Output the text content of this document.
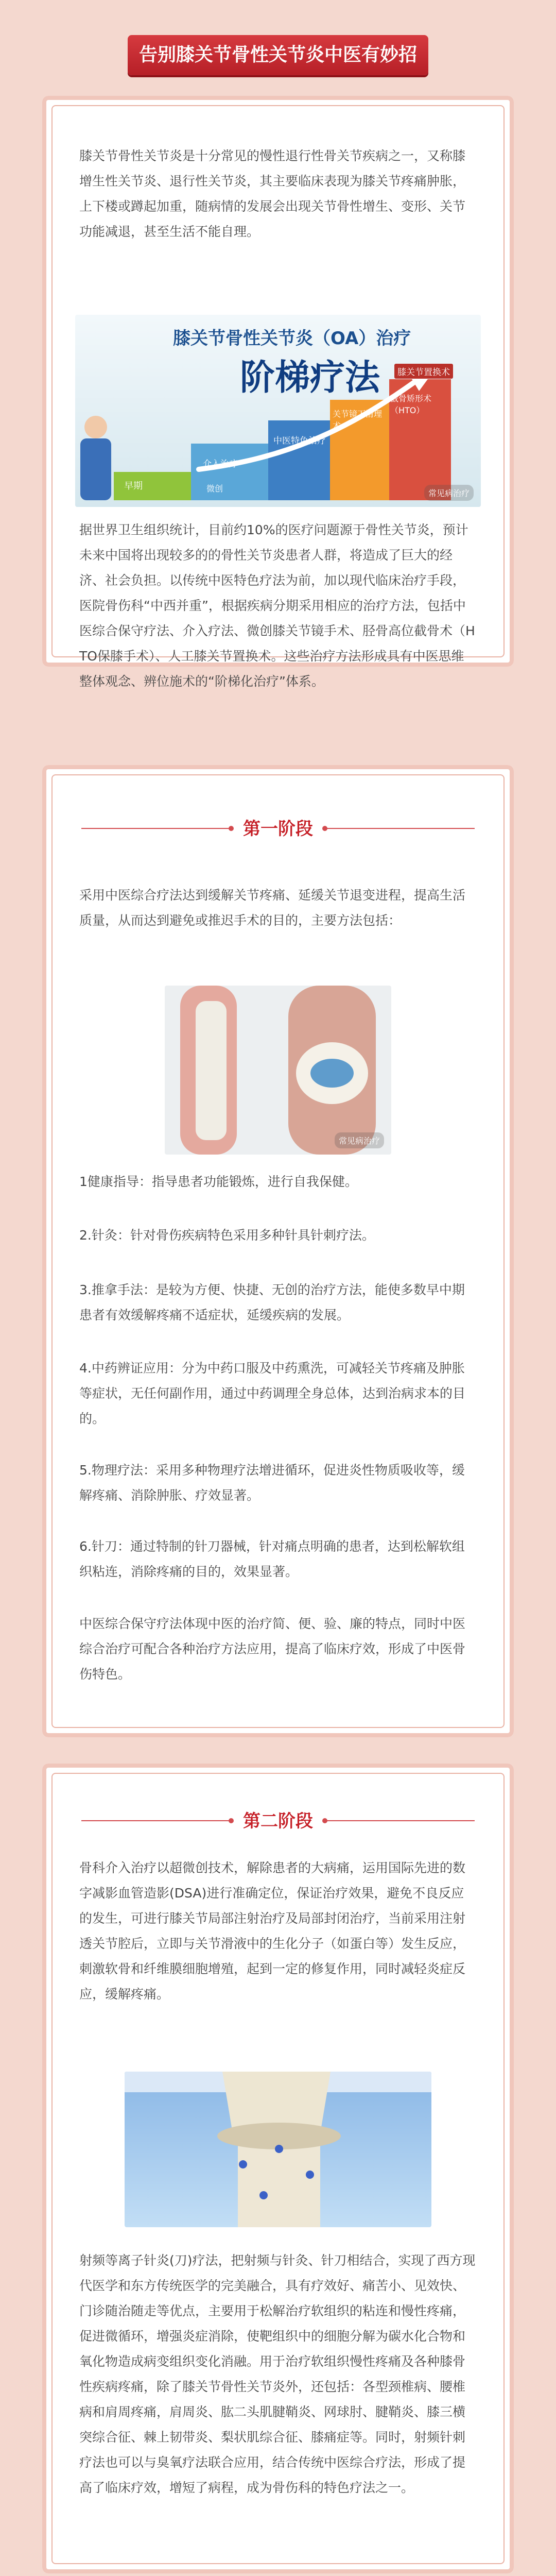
告别膝关节骨性关节炎中医有妙招
膝关节骨性关节炎是十分常见的慢性退行性骨关节疾病之一，又称膝增生性关节炎、退行性关节炎，其主要临床表现为膝关节疼痛肿胀，上下楼或蹲起加重，随病情的发展会出现关节骨性增生、变形、关节功能减退，甚至生活不能自理。
膝关节骨性关节炎（OA）治疗
阶梯疗法
介入治疗
中医特色治疗
关节镜下清理术
截骨矫形术（HTO）
膝关节置换术
早期	微创	常见病治疗
据世界卫生组织统计，目前约10%的医疗问题源于骨性关节炎，预计未来中国将出现较多的的骨性关节炎患者人群，将造成了巨大的经济、社会负担。以传统中医特色疗法为前，加以现代临床治疗手段，医院骨伤科“中西并重”，根据疾病分期采用相应的治疗方法，包括中医综合保守疗法、介入疗法、微创膝关节镜手术、胫骨高位截骨术（HTO保膝手术）、人工膝关节置换术。这些治疗方法形成具有中医思维整体观念、辨位施术的“阶梯化治疗”体系。
第一阶段
采用中医综合疗法达到缓解关节疼痛、延缓关节退变进程，提高生活质量，从而达到避免或推迟手术的目的，主要方法包括：
常见病治疗
1健康指导：指导患者功能锻炼，进行自我保健。
2.针灸：针对骨伤疾病特色采用多种针具针刺疗法。
3.推拿手法：是较为方便、快捷、无创的治疗方法，能使多数早中期患者有效缓解疼痛不适症状，延缓疾病的发展。
4.中药辨证应用：分为中药口服及中药熏洗，可减轻关节疼痛及肿胀等症状，无任何副作用，通过中药调理全身总体，达到治病求本的目的。
5.物理疗法：采用多种物理疗法增进循环，促进炎性物质吸收等，缓解疼痛、消除肿胀、疗效显著。
6.针刀：通过特制的针刀器械，针对痛点明确的患者，达到松解软组织粘连，消除疼痛的目的，效果显著。
中医综合保守疗法体现中医的治疗简、便、验、廉的特点，同时中医综合治疗可配合各种治疗方法应用，提高了临床疗效，形成了中医骨伤特色。
第二阶段
骨科介入治疗以超微创技术，解除患者的大病痛，运用国际先进的数字减影血管造影(DSA)进行准确定位，保证治疗效果，避免不良反应的发生，可进行膝关节局部注射治疗及局部封闭治疗，当前采用注射透关节腔后，立即与关节滑液中的生化分子（如蛋白等）发生反应，刺激软骨和纤维膜细胞增殖，起到一定的修复作用，同时减轻炎症反应，缓解疼痛。
射频等离子针炎(刀)疗法，把射频与针灸、针刀相结合，实现了西方现代医学和东方传统医学的完美融合，具有疗效好、痛苦小、见效快、门诊随治随走等优点，主要用于松解治疗软组织的粘连和慢性疼痛，促进微循环，增强炎症消除，使靶组织中的细胞分解为碳水化合物和氧化物造成病变组织变化消融。用于治疗软组织慢性疼痛及各种膝骨性疾病疼痛，除了膝关节骨性关节炎外，还包括：各型颈椎病、腰椎病和肩周疼痛，肩周炎、肱二头肌腱鞘炎、网球肘、腱鞘炎、膝三横突综合征、棘上韧带炎、梨状肌综合征、膝痛症等。同时，射频针刺疗法也可以与臭氧疗法联合应用，结合传统中医综合疗法，形成了提高了临床疗效，增短了病程，成为骨伤科的特色疗法之一。
